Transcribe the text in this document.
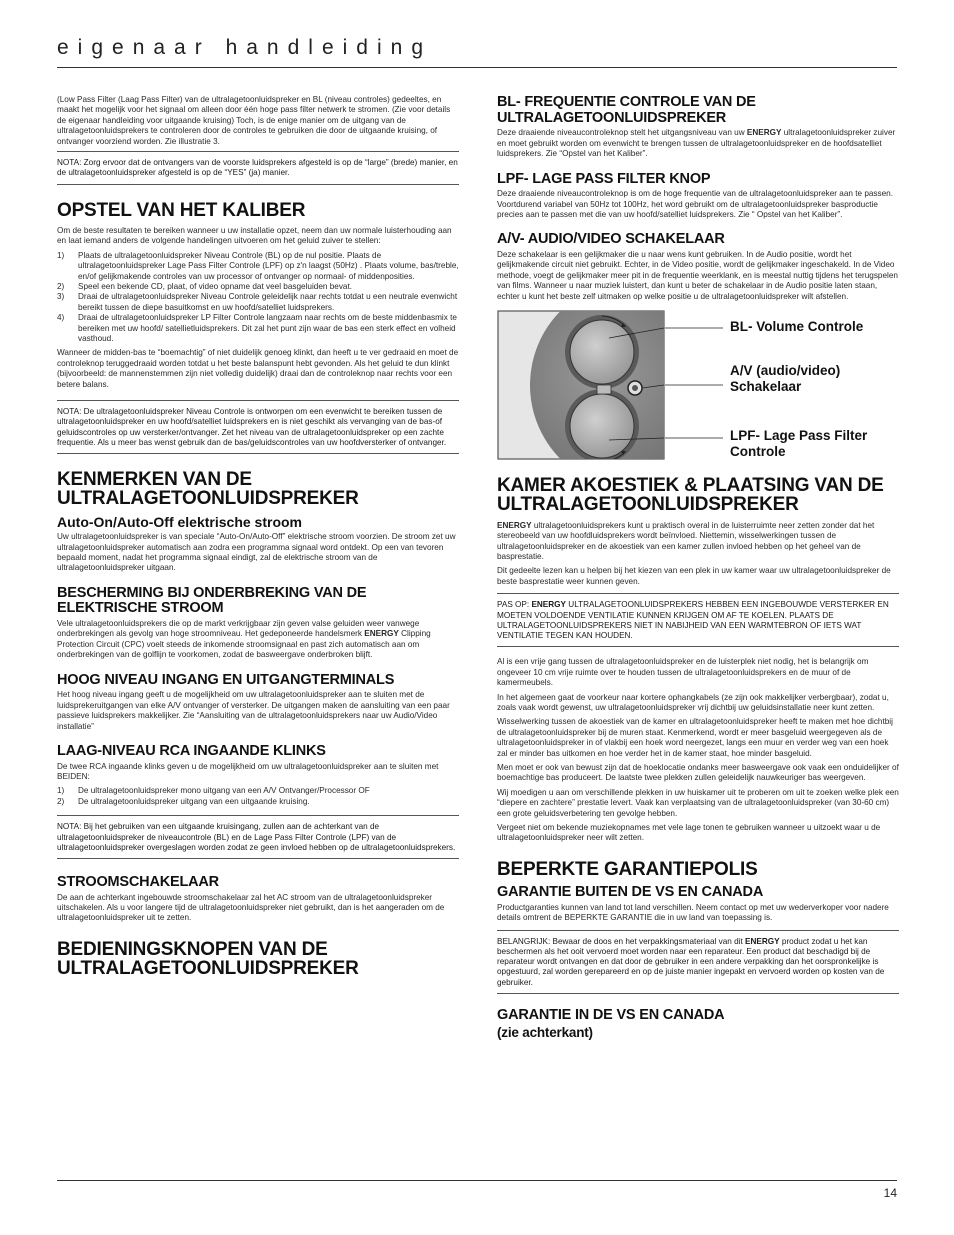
eigenaar handleiding

(Low Pass Filter (Laag Pass Filter) van de ultralagetoonluidspreker en BL (niveau controles) gedeeltes, en maakt het mogelijk voor het signaal om alleen door één hoge pass filter netwerk te stromen. (Zie voor details de eigenaar handleiding voor uitgaande kruising) Toch, is de enige manier om de uitgang van de ultralagetoonluidsprekers te controleren door de controles te gebruiken die door de uitgaande kruising, of ontvanger voorziend worden. Zie illustratie 3.

NOTA: Zorg ervoor dat de ontvangers van de voorste luidsprekers afgesteld is op de “large” (brede) manier, en de ultralagetoonluidspreker afgesteld is op de “YES” (ja) manier.

OPSTEL VAN HET KALIBER

Om de beste resultaten te bereiken wanneer u uw installatie opzet, neem dan uw normale luisterhouding aan en laat iemand anders de volgende handelingen uitvoeren om het geluid zuiver te stellen:

1)	Plaats de ultralagetoonluidspreker Niveau Controle (BL) op de nul positie. Plaats de ultralagetoonluidspreker Lage Pass Filter Controle (LPF) op z'n laagst (50Hz) . Plaats volume, bas/treble, en/of gelijkmakende controles van uw processor of ontvanger op normaal- of middenposities.
2)	Speel een bekende CD, plaat, of video opname dat veel basgeluiden bevat.
3)	Draai de ultralagetoonluidspreker Niveau Controle geleidelijk naar rechts totdat u een neutrale evenwicht bereikt tussen de diepe basuitkomst en uw hoofd/satelliet luidsprekers.
4)	Draai de ultralagetoonluidspreker LP Filter Controle langzaam naar rechts om de beste middenbasmix te bereiken met uw hoofd/ satellietluidsprekers. Dit zal het punt zijn waar de bas een sterk effect en volheid vasthoud.

Wanneer de midden-bas te “boemachtig” of niet duidelijk genoeg klinkt, dan heeft u te ver gedraaid en moet de controleknop teruggedraaid worden totdat u het beste balanspunt hebt gevonden. Als het geluid te dun klinkt (bijvoorbeeld: de mannenstemmen zijn niet volledig duidelijk) draai dan de controleknop naar rechts voor een betere balans.

NOTA: De ultralagetoonluidspreker Niveau Controle is ontworpen om een evenwicht te bereiken tussen de ultralagetoonluidspreker en uw hoofd/satelliet luidsprekers en is niet geschikt als vervanging van de bas-of geluidscontroles op uw versterker/ontvanger. Zet het niveau van de ultralagetoonluidspreker op een zachte frequentie. Als u meer bas wenst gebruik dan de bas/geluidscontroles van uw hoofdversterker of ontvanger.

KENMERKEN VAN DE ULTRALAGETOONLUIDSPREKER
Auto-On/Auto-Off elektrische stroom

Uw ultralagetoonluidspreker is van speciale “Auto-On/Auto-Off” elektrische stroom voorzien. De stroom zet uw ultralagetoonluidspreker automatisch aan zodra een programma signaal word ontdekt. Op een van tevoren bepaald moment, nadat het programma signaal eindigt, zal de elektrische stroom van de ultralagetoonluidspreker uitgaan.

BESCHERMING BIJ ONDERBREKING VAN DE ELEKTRISCHE STROOM

Vele ultralagetoonluidsprekers die op de markt verkrijgbaar zijn geven valse geluiden weer vanwege onderbrekingen als gevolg van hoge stroomniveau. Het gedeponeerde handelsmerk ENERGY Clipping Protection Circuit (CPC) voelt steeds de inkomende stroomsignaal en past zich automatisch aan om onderbrekingen van de golflijn te voorkomen, zodat de basweergave onderbroken blijft.

HOOG NIVEAU INGANG EN UITGANGTERMINALS

Het hoog niveau ingang geeft u de mogelijkheid om uw ultralagetoonluidspreker aan te sluiten met de luidsprekeruitgangen van elke A/V ontvanger of versterker. De uitgangen maken de aansluiting van een paar passieve luidsprekers makkelijker. Zie “Aansluiting van de ultralagetoonluidsprekers naar uw Audio/Video installatie”

LAAG-NIVEAU RCA INGAANDE KLINKS

De twee RCA ingaande klinks geven u de mogelijkheid om uw ultralagetoonluidspreker aan te sluiten met BEIDEN:

1)	De ultralagetoonluidspreker mono uitgang van een A/V Ontvanger/Processor OF
2)	De ultralagetoonluidspreker uitgang van een uitgaande kruising.

NOTA: Bij het gebruiken van een uitgaande kruisingang, zullen aan de achterkant van de ultralagetoonluidspreker de niveaucontrole (BL) en de Lage Pass Filter Controle (LPF) van de ultralagetoonluidspreker overgeslagen worden zodat ze geen invloed hebben op de ultralagetoonluidsprekers.

STROOMSCHAKELAAR

De aan de achterkant ingebouwde stroomschakelaar zal het AC stroom van de ultralagetoonluidspreker uitschakelen. Als u voor langere tijd de ultralagetoonluidspreker niet gebruikt, dan is het aangeraden om de ultralagetoonluidspreker uit te zetten.

BEDIENINGSKNOPEN VAN DE ULTRALAGETOONLUIDSPREKER
BL- FREQUENTIE CONTROLE VAN DE ULTRALAGETOONLUIDSPREKER

Deze draaiende niveaucontroleknop stelt het uitgangsniveau van uw ENERGY ultralagetoonluidspreker zuiver en moet gebruikt worden om evenwicht te brengen tussen de ultralagetoonluidspreker en de hoofdsatelliet luidsprekers. Zie “Opstel van het Kaliber”.

LPF- LAGE PASS FILTER KNOP

Deze draaiende niveaucontroleknop is om de hoge frequentie van de ultralagetoonluidspreker aan te passen. Voortdurend variabel van 50Hz tot 100Hz, het word gebruikt om de ultralagetoonluidspreker basproductie precies aan te passen met die van uw hoofd/satelliet luidsprekers. Zie “ Opstel van het Kaliber”.

A/V- AUDIO/VIDEO SCHAKELAAR

Deze schakelaar is een gelijkmaker die u naar wens kunt gebruiken. In de Audio positie, wordt het gelijkmakende circuit niet gebruikt. Echter, in de Video positie, wordt de gelijkmaker ingeschakeld. In de Video methode, voegt de gelijkmaker meer pit in de frequentie weerklank, en is meestal nuttig tijdens het terugspelen van films. Wanneer u naar muziek luistert, dan kunt u beter de schakelaar in de Audio positie laten staan, echter u kunt het beste zelf uitmaken op welke positie u de ultralagetoonluidspreker wilt afstellen.

BL- Volume Controle
A/V (audio/video) Schakelaar
LPF- Lage Pass Filter Controle
KAMER AKOESTIEK & PLAATSING VAN DE ULTRALAGETOONLUIDSPREKER

ENERGY ultralagetoonluidsprekers kunt u praktisch overal in de luisterruimte neer zetten zonder dat het stereobeeld van uw hoofdluidsprekers wordt beïnvloed. Niettemin, wisselwerkingen tussen de ultralagetoonluidspreker en de akoestiek van een kamer zullen invloed hebben op het geheel van de basprestatie.

Dit gedeelte lezen kan u helpen bij het kiezen van een plek in uw kamer waar uw ultralagetoonluidspreker de beste basprestatie weer kunnen geven.

PAS OP: ENERGY ULTRALAGETOONLUIDSPREKERS HEBBEN EEN INGEBOUWDE VERSTERKER EN MOETEN VOLDOENDE VENTILATIE KUNNEN KRIJGEN OM AF TE KOELEN. PLAATS DE ULTRALAGETOONLUIDSPREKERS NIET IN NABIJHEID VAN EEN WARMTEBRON OF IETS WAT VENTILATIE TEGEN KAN HOUDEN.

Al is een vrije gang tussen de ultralagetoonluidspreker en de luisterplek niet nodig, het is belangrijk om ongeveer 10 cm vrije ruimte over te houden tussen de ultralagetoonluidsprekers en de muur of de kamermeubels.

In het algemeen gaat de voorkeur naar kortere ophangkabels (ze zijn ook makkelijker verbergbaar), zodat u, zoals vaak wordt gewenst, uw ultralagetoonluidspreker vrij dichtbij uw geluidsinstallatie neer kunt zetten.

Wisselwerking tussen de akoestiek van de kamer en ultralagetoonluidspreker heeft te maken met hoe dichtbij de ultralagetoonluidspreker bij de muren staat. Kenmerkend, wordt er meer basgeluid weergegeven als de ultralagetoonluidspreker in of vlakbij een hoek word neergezet, langs een muur en verder weg van een hoek zal er minder bas uitkomen en hoe verder het in de kamer staat, hoe minder basgeluid.

Men moet er ook van bewust zijn dat de hoeklocatie ondanks meer basweergave ook vaak een onduidelijker of boemachtige bas produceert. De laatste twee plekken zullen geleidelijk nauwkeuriger bas weergeven.

Wij moedigen u aan om verschillende plekken in uw huiskamer uit te proberen om uit te zoeken welke plek een “diepere en zachtere” prestatie levert. Vaak kan verplaatsing van de ultralagetoonluidspreker (van 30-60 cm) een grote geluidsverbetering ten gevolge hebben.

Vergeet niet om bekende muziekopnames met vele lage tonen te gebruiken wanneer u uitzoekt waar u de ultralagetoonluidspreker neer wilt zetten.

BEPERKTE GARANTIEPOLIS
GARANTIE BUITEN DE VS EN CANADA

Productgaranties kunnen van land tot land verschillen. Neem contact op met uw wederverkoper voor nadere details omtrent de BEPERKTE GARANTIE die in uw land van toepassing is.

BELANGRIJK: Bewaar de doos en het verpakkingsmateriaal van dit ENERGY product zodat u het kan beschermen als het ooit vervoerd moet worden naar een reparateur. Een product dat beschadigd bij de reparateur wordt ontvangen en dat door de gebruiker in een andere verpakking dan het oorspronkelijke is opgestuurd, zal worden gerepareerd en op de juiste manier ingepakt en vervoerd worden op kosten van de gebruiker.

GARANTIE IN DE VS EN CANADA
(zie achterkant)
14
